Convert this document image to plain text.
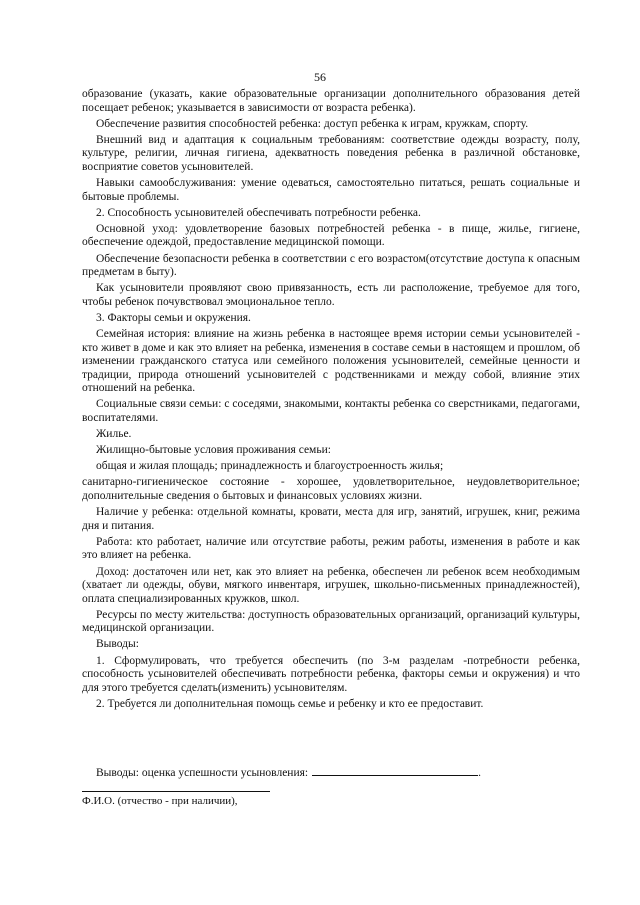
56

образование (указать, какие образовательные организации дополнительного образования детей посещает ребенок; указывается в зависимости от возраста ребенка).

Обеспечение развития способностей ребенка: доступ ребенка к играм, кружкам, спорту.

Внешний вид и адаптация к социальным требованиям: соответствие одежды возрасту, полу, культуре, религии, личная гигиена, адекватность поведения ребенка в различной обстановке, восприятие советов усыновителей.

Навыки самообслуживания: умение одеваться, самостоятельно питаться, решать социальные и бытовые проблемы.

2. Способность усыновителей обеспечивать потребности ребенка.

Основной уход: удовлетворение базовых потребностей ребенка - в пище, жилье, гигиене, обеспечение одеждой, предоставление медицинской помощи.

Обеспечение безопасности ребенка в соответствии с его возрастом(отсутствие доступа к опасным предметам в быту).

Как усыновители проявляют свою привязанность, есть ли расположение, требуемое для того, чтобы ребенок почувствовал эмоциональное тепло.

3. Факторы семьи и окружения.

Семейная история: влияние на жизнь ребенка в настоящее время истории семьи усыновителей - кто живет в доме и как это влияет на ребенка, изменения в составе семьи в настоящем и прошлом, об изменении гражданского статуса или семейного положения усыновителей, семейные ценности и традиции, природа отношений усыновителей с родственниками и между собой, влияние этих отношений на ребенка.

Социальные связи семьи: с соседями, знакомыми, контакты ребенка со сверстниками, педагогами, воспитателями.

Жилье.

Жилищно-бытовые условия проживания семьи:

общая и жилая площадь; принадлежность и благоустроенность жилья;

санитарно-гигиеническое состояние - хорошее, удовлетворительное, неудовлетворительное; дополнительные сведения о бытовых и финансовых условиях жизни.

Наличие у ребенка: отдельной комнаты, кровати, места для игр, занятий, игрушек, книг, режима дня и питания.

Работа: кто работает, наличие или отсутствие работы, режим работы, изменения в работе и как это влияет на ребенка.

Доход: достаточен или нет, как это влияет на ребенка, обеспечен ли ребенок всем необходимым (хватает ли одежды, обуви, мягкого инвентаря, игрушек, школьно-письменных принадлежностей), оплата специализированных кружков, школ.

Ресурсы по месту жительства: доступность образовательных организаций, организаций культуры, медицинской организации.

Выводы:

1. Сформулировать, что требуется обеспечить (по 3-м разделам -потребности ребенка, способность усыновителей обеспечивать потребности ребенка, факторы семьи и окружения) и что для этого требуется сделать(изменить) усыновителям.

2. Требуется ли дополнительная помощь семье и ребенку и кто ее предоставит.

Выводы: оценка успешности усыновления:	.
Ф.И.О. (отчество - при наличии),
